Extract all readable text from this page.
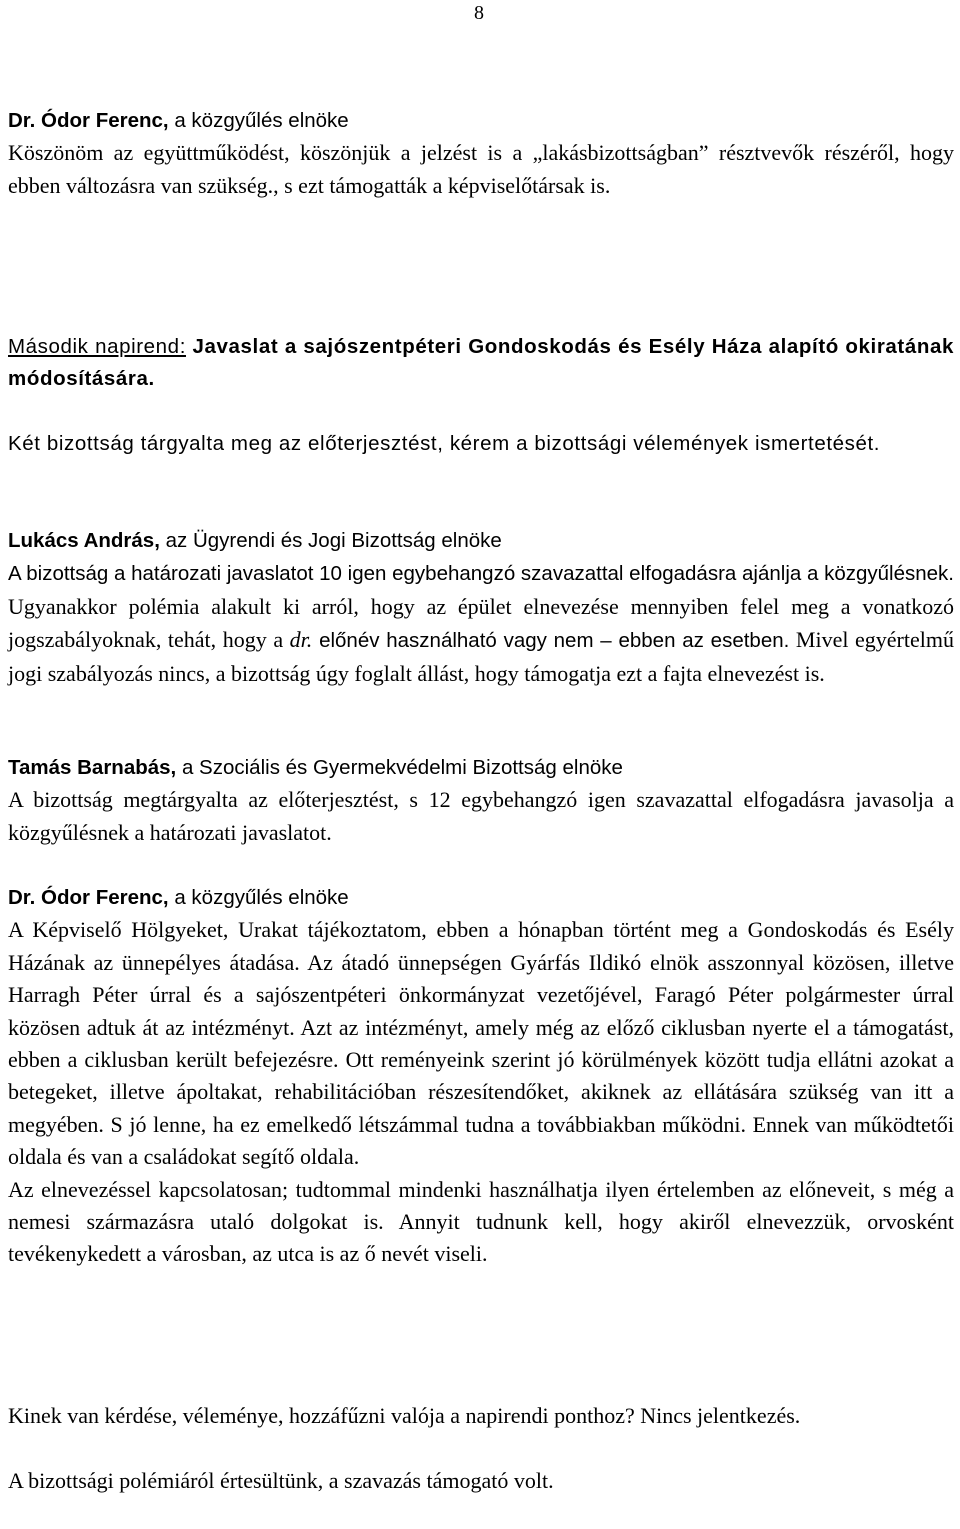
8

Dr. Ódor Ferenc, a közgyűlés elnöke
Köszönöm az együttműködést, köszönjük a jelzést is a „lakásbizottságban” résztvevők részéről, hogy ebben változásra van szükség., s ezt támogatták a képviselőtársak is.

Második napirend: Javaslat a sajószentpéteri Gondoskodás és Esély Háza alapító okiratának módosítására.

Két bizottság tárgyalta meg az előterjesztést, kérem a bizottsági vélemények ismertetését.

Lukács András, az Ügyrendi és Jogi Bizottság elnöke
A bizottság a határozati javaslatot 10 igen egybehangzó szavazattal elfogadásra ajánlja a közgyűlésnek. Ugyanakkor polémia alakult ki arról, hogy az épület elnevezése mennyiben felel meg a vonatkozó jogszabályoknak, tehát, hogy a dr. előnév használható vagy nem – ebben az esetben. Mivel egyértelmű jogi szabályozás nincs, a bizottság úgy foglalt állást, hogy támogatja ezt a fajta elnevezést is.

Tamás Barnabás, a Szociális és Gyermekvédelmi Bizottság elnöke
A bizottság megtárgyalta az előterjesztést, s 12 egybehangzó igen szavazattal elfogadásra javasolja a közgyűlésnek a határozati javaslatot.

Dr. Ódor Ferenc, a közgyűlés elnöke
A Képviselő Hölgyeket, Urakat tájékoztatom, ebben a hónapban történt meg a Gondoskodás és Esély Házának az ünnepélyes átadása. Az átadó ünnepségen Gyárfás Ildikó elnök asszonnyal közösen, illetve Harragh Péter úrral és a sajószentpéteri önkormányzat vezetőjével, Faragó Péter polgármester úrral közösen adtuk át az intézményt. Azt az intézményt, amely még az előző ciklusban nyerte el a támogatást, ebben a ciklusban került befejezésre. Ott reményeink szerint jó körülmények között tudja ellátni azokat a betegeket, illetve ápoltakat, rehabilitációban részesítendőket, akiknek az ellátására szükség van itt a megyében. S jó lenne, ha ez emelkedő létszámmal tudna a továbbiakban működni. Ennek van működtetői oldala és van a családokat segítő oldala.
Az elnevezéssel kapcsolatosan; tudtommal mindenki használhatja ilyen értelemben az előneveit, s még a nemesi származásra utaló dolgokat is. Annyit tudnunk kell, hogy akiről elnevezzük, orvosként tevékenykedett a városban, az utca is az ő nevét viseli.

Kinek van kérdése, véleménye, hozzáfűzni valója a napirendi ponthoz? Nincs jelentkezés.

A bizottsági polémiáról értesültünk, a szavazás támogató volt.
